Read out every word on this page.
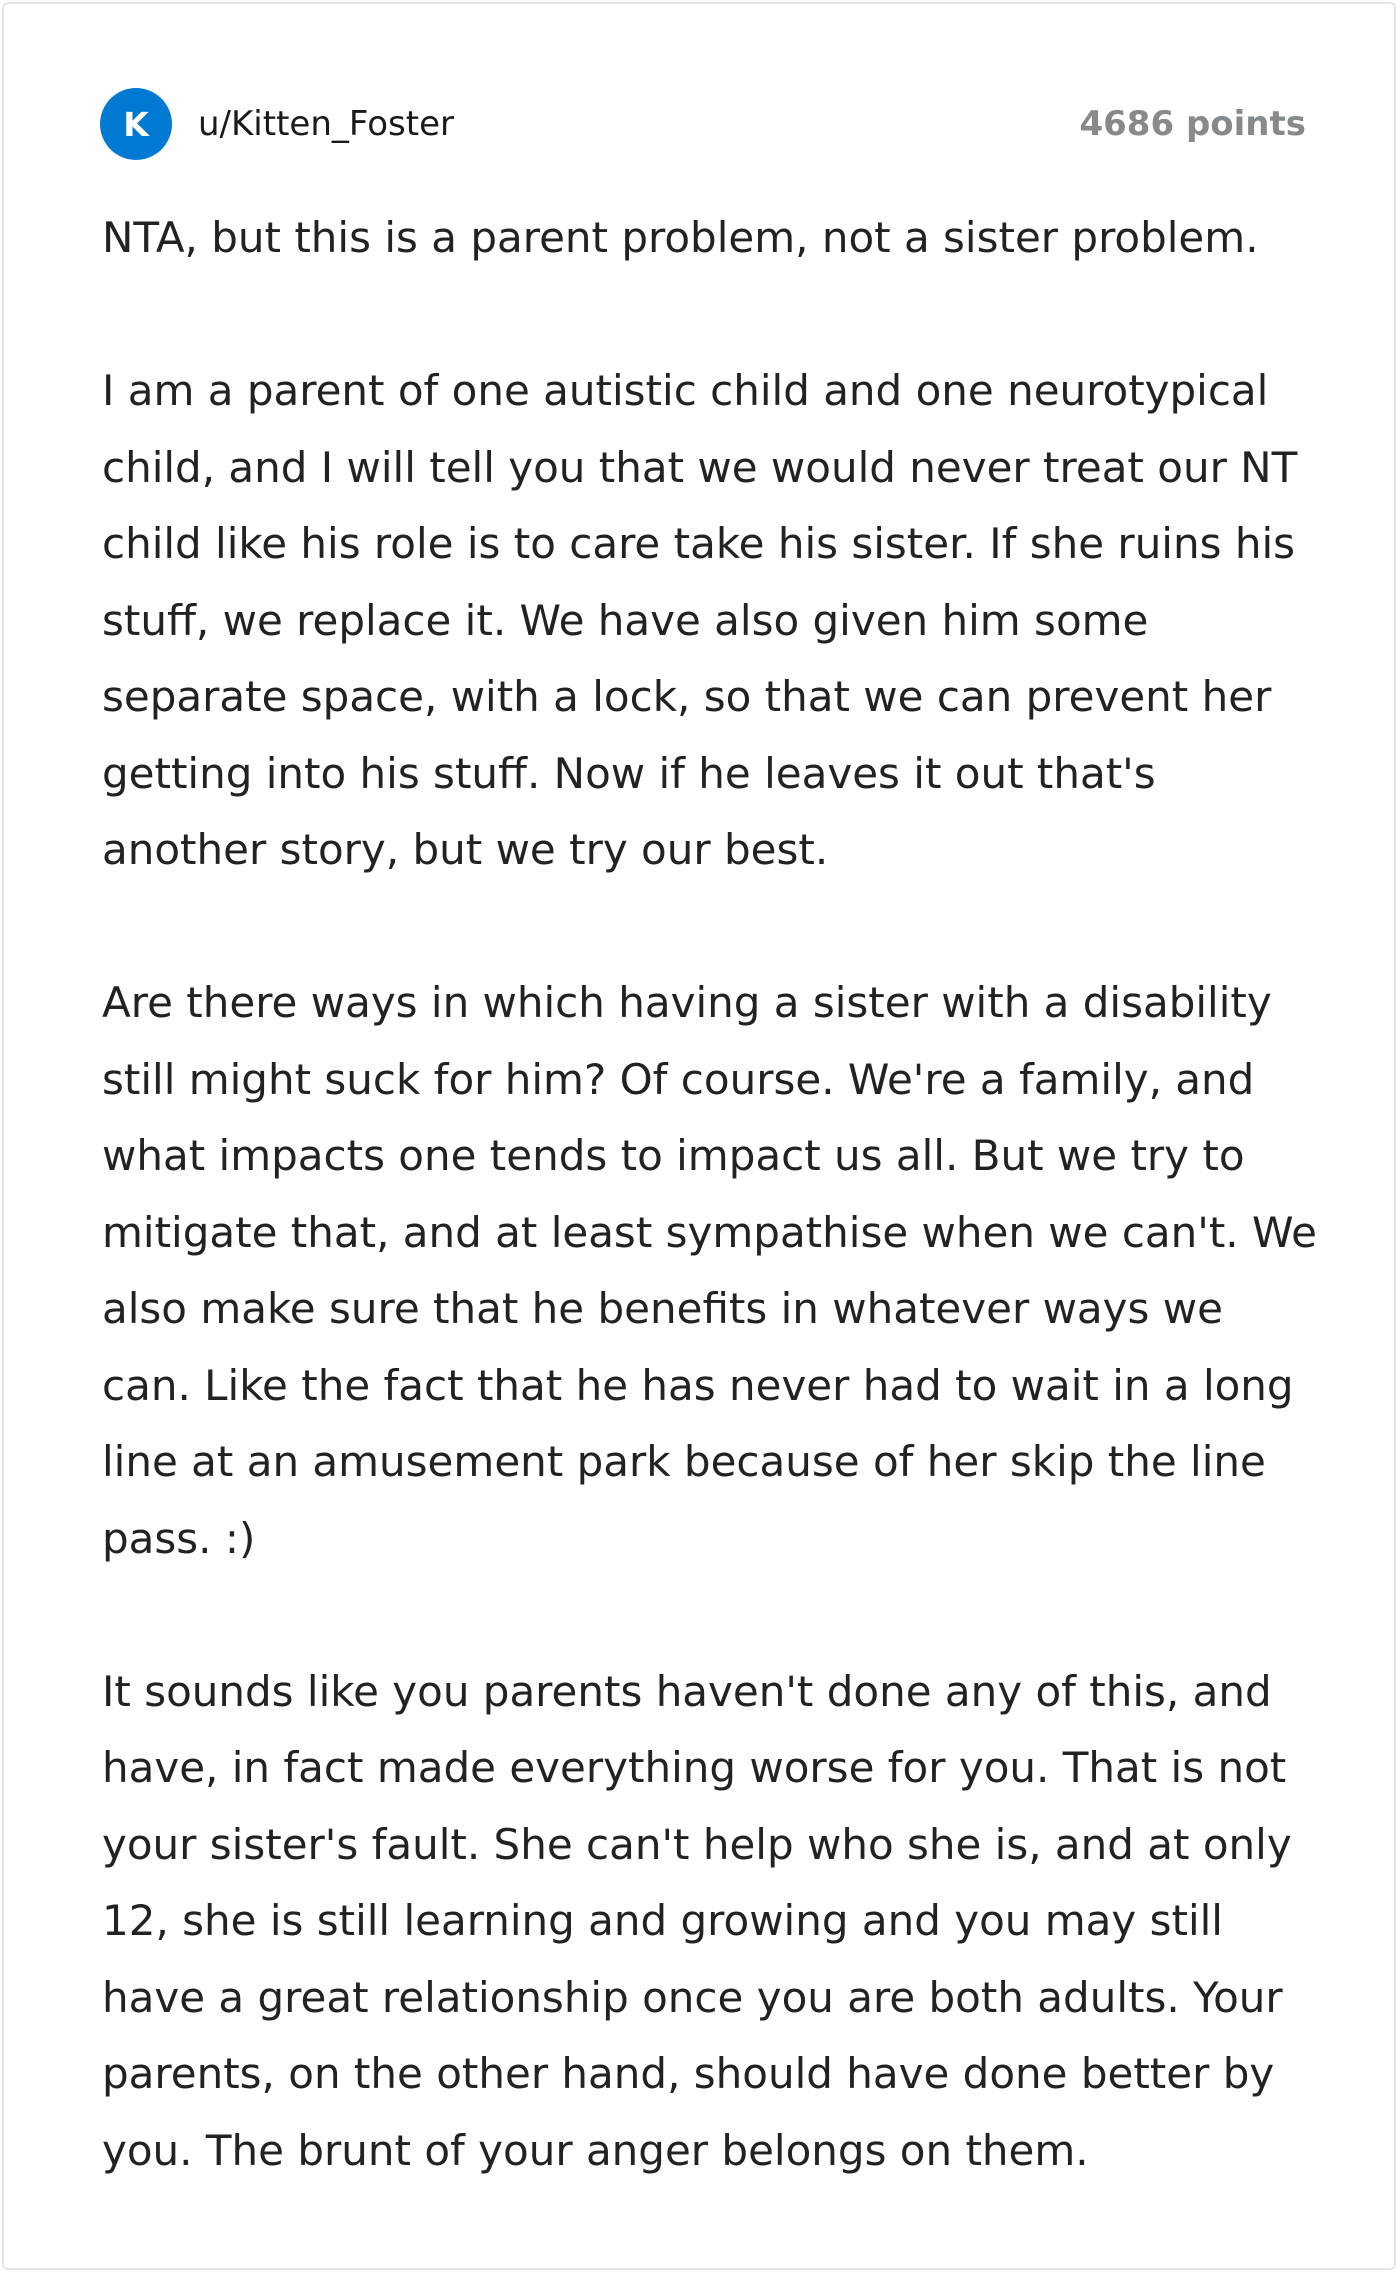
K	u/Kitten_Foster	4686 points

NTA, but this is a parent problem, not a sister problem.

I am a parent of one autistic child and one neurotypical child, and I will tell you that we would never treat our NT child like his role is to care take his sister. If she ruins his stuff, we replace it. We have also given him some separate space, with a lock, so that we can prevent her getting into his stuff. Now if he leaves it out that's another story, but we try our best.

Are there ways in which having a sister with a disability still might suck for him? Of course. We're a family, and what impacts one tends to impact us all. But we try to mitigate that, and at least sympathise when we can't. We also make sure that he benefits in whatever ways we can. Like the fact that he has never had to wait in a long line at an amusement park because of her skip the line pass. :)

It sounds like you parents haven't done any of this, and have, in fact made everything worse for you. That is not your sister's fault. She can't help who she is, and at only 12, she is still learning and growing and you may still have a great relationship once you are both adults. Your parents, on the other hand, should have done better by you. The brunt of your anger belongs on them.
